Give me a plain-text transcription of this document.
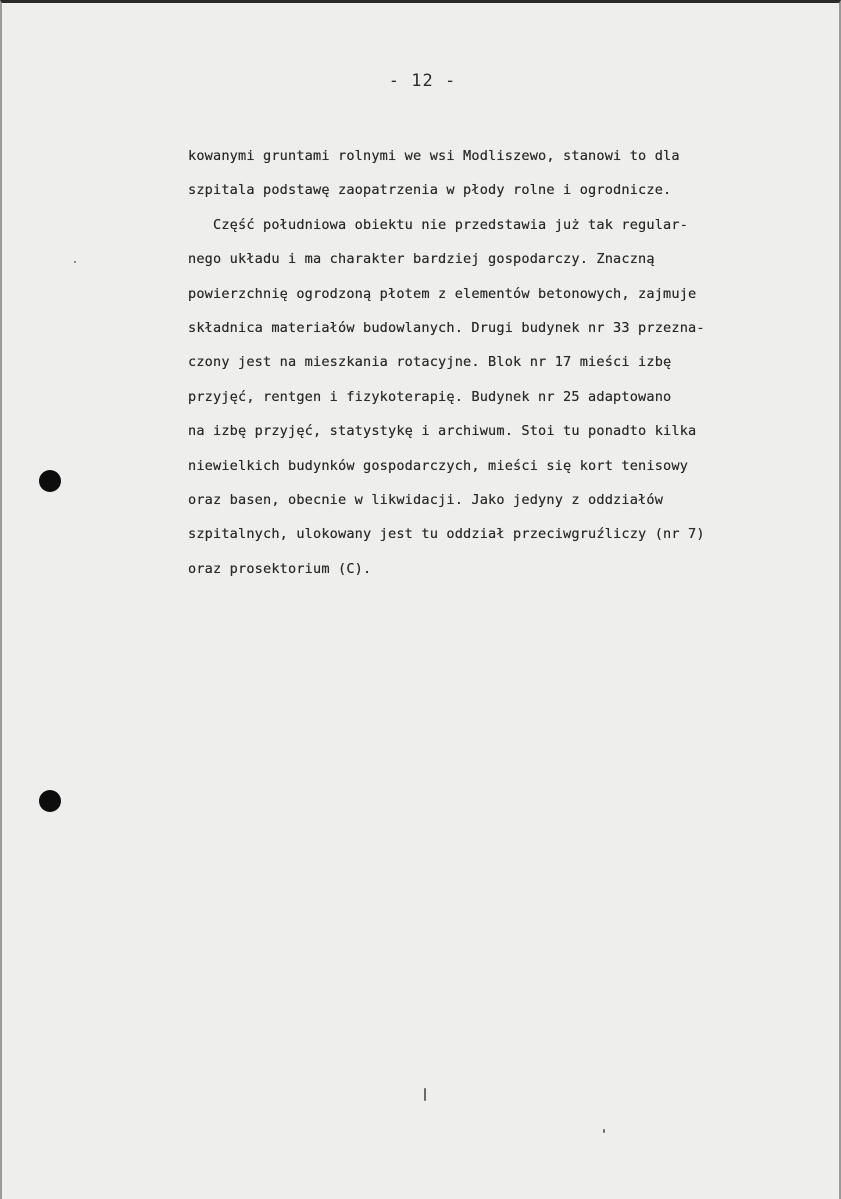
- 12 -

kowanymi gruntami rolnymi we wsi Modliszewo, stanowi to dla
szpitala podstawę zaopatrzenia w płody rolne i ogrodnicze.
Część południowa obiektu nie przedstawia już tak regular-
nego układu i ma charakter bardziej gospodarczy. Znaczną
powierzchnię ogrodzoną płotem z elementów betonowych, zajmuje
składnica materiałów budowlanych. Drugi budynek nr 33 przezna-
czony jest na mieszkania rotacyjne. Blok nr 17 mieści izbę
przyjęć, rentgen i fizykoterapię. Budynek nr 25 adaptowano
na izbę przyjęć, statystykę i archiwum. Stoi tu ponadto kilka
niewielkich budynków gospodarczych, mieści się kort tenisowy
oraz basen, obecnie w likwidacji. Jako jedyny z oddziałów
szpitalnych, ulokowany jest tu oddział przeciwgruźliczy (nr 7)
oraz prosektorium (C).
